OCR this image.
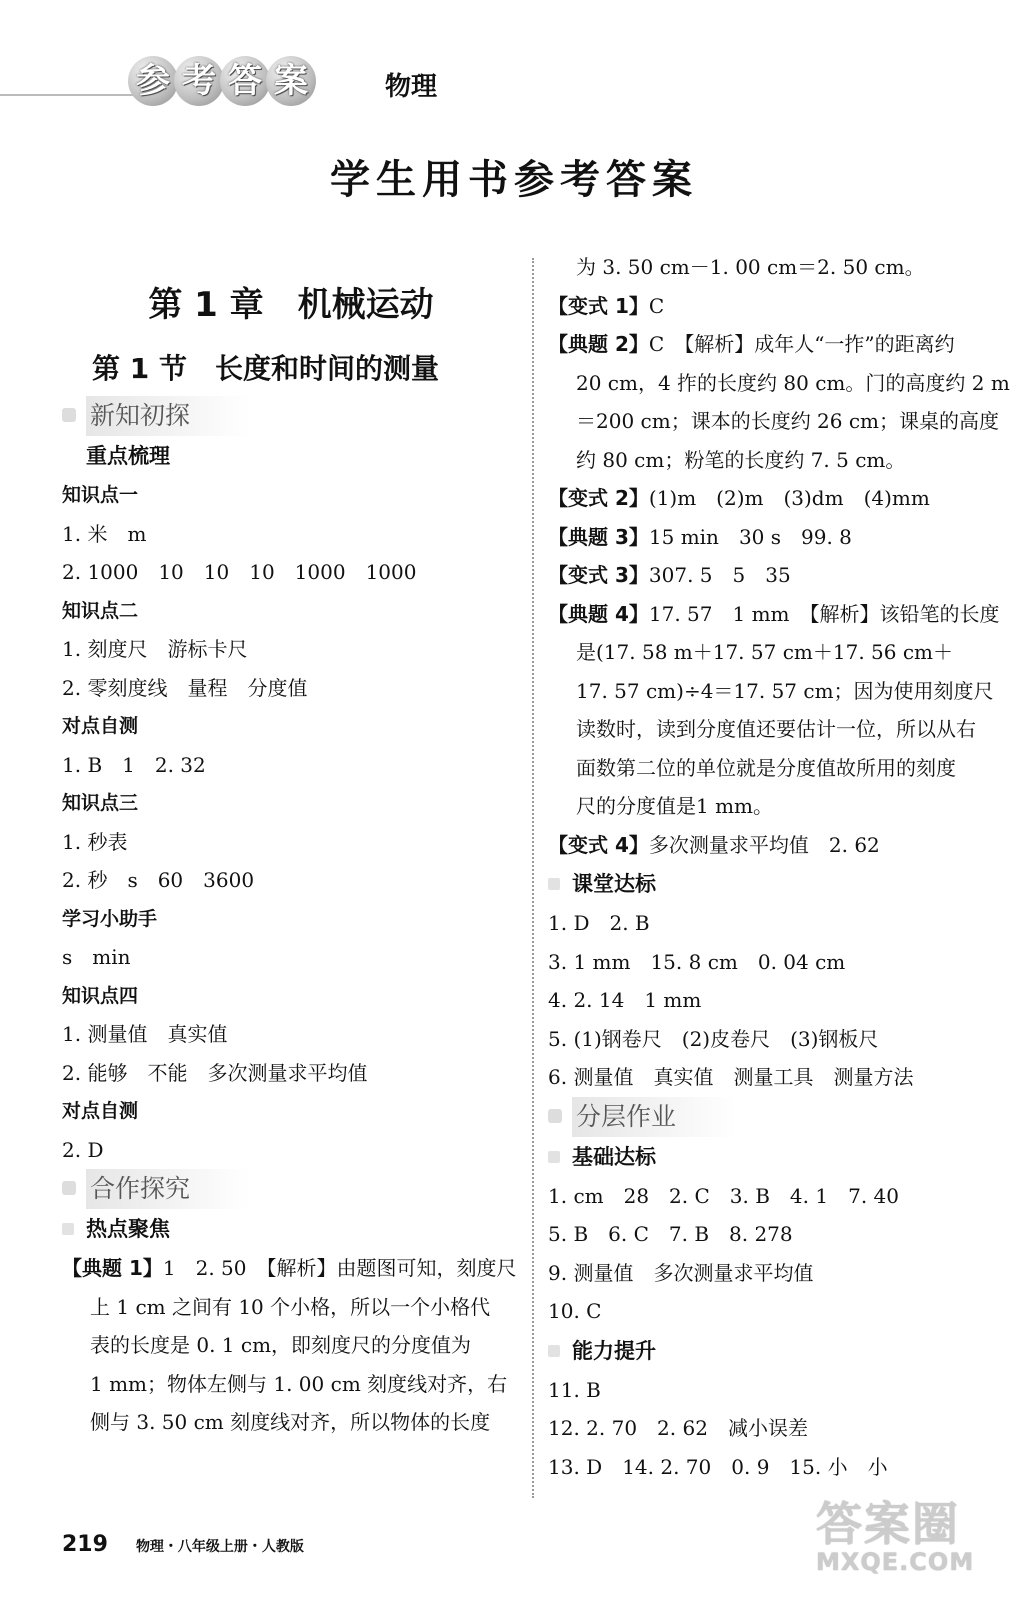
参 考 答 案	物理
学生用书参考答案
第 1 章　机械运动
第 1 节　长度和时间的测量
新知初探
重点梳理
知识点一
1. 米　m
2. 1000　10　10　10　1000　1000
知识点二
1. 刻度尺　游标卡尺
2. 零刻度线　量程　分度值
对点自测
1. B　1　2. 32
知识点三
1. 秒表
2. 秒　s　60　3600
学习小助手
s　min
知识点四
1. 测量值　真实值
2. 能够　不能　多次测量求平均值
对点自测
2. D
合作探究
热点聚焦
【典题 1】1　2. 50　【解析】由题图可知，刻度尺
上 1 cm 之间有 10 个小格，所以一个小格代
表的长度是 0. 1 cm，即刻度尺的分度值为
1 mm；物体左侧与 1. 00 cm 刻度线对齐，右
侧与 3. 50 cm 刻度线对齐，所以物体的长度
为 3. 50 cm－1. 00 cm＝2. 50 cm。
【变式 1】C
【典题 2】C　【解析】成年人“一拃”的距离约
20 cm，4 拃的长度约 80 cm。门的高度约 2 m
＝200 cm；课本的长度约 26 cm；课桌的高度
约 80 cm；粉笔的长度约 7. 5 cm。
【变式 2】(1)m　(2)m　(3)dm　(4)mm
【典题 3】15 min　30 s　99. 8
【变式 3】307. 5　5　35
【典题 4】17. 57　1 mm　【解析】该铅笔的长度
是(17. 58 m＋17. 57 cm＋17. 56 cm＋
17. 57 cm)÷4＝17. 57 cm；因为使用刻度尺
读数时，读到分度值还要估计一位，所以从右
面数第二位的单位就是分度值故所用的刻度
尺的分度值是1 mm。
【变式 4】多次测量求平均值　2. 62
课堂达标
1. D　2. B
3. 1 mm　15. 8 cm　0. 04 cm
4. 2. 14　1 mm
5. (1)钢卷尺　(2)皮卷尺　(3)钢板尺
6. 测量值　真实值　测量工具　测量方法
分层作业
基础达标
1. cm　28　2. C　3. B　4. 1　7. 40
5. B　6. C　7. B　8. 278
9. 测量值　多次测量求平均值
10. C
能力提升
11. B
12. 2. 70　2. 62　减小误差
13. D　14. 2. 70　0. 9　15. 小　小
219 物理・八年级上册・人教版	答案圈
MXQE.COM
